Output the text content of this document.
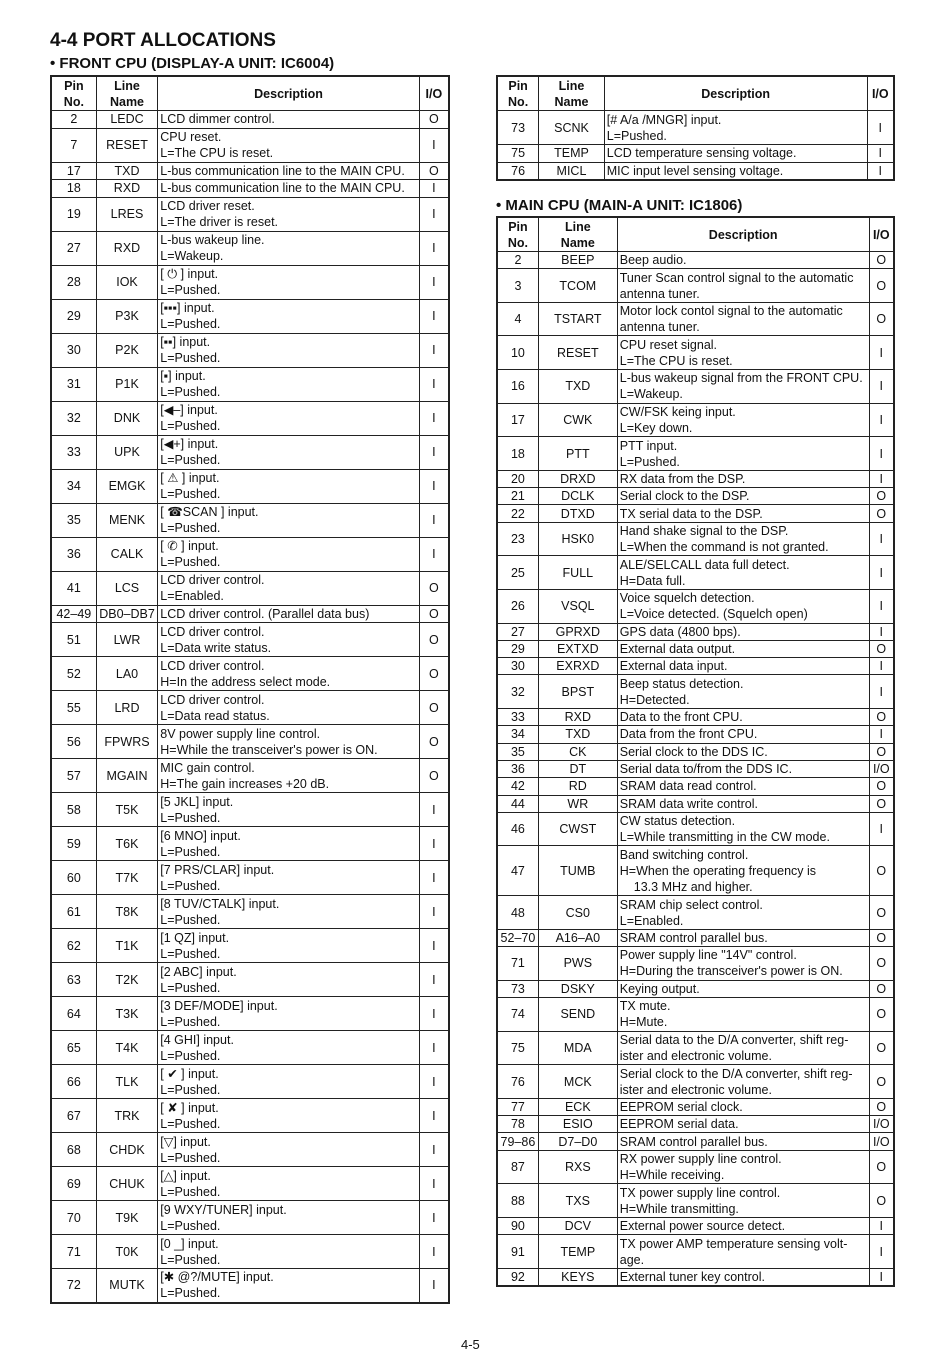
4-4 PORT ALLOCATIONS
• FRONT CPU (DISPLAY-A UNIT: IC6004)
Pin
No.	Line
Name	Description	I/O
2	LEDC	LCD dimmer control.	O
7	RESET	CPU reset.
L=The CPU is reset.	I
17	TXD	L-bus communication line to the MAIN CPU.	O
18	RXD	L-bus communication line to the MAIN CPU.	I
19	LRES	LCD driver reset.
L=The driver is reset.	I
27	RXD	L-bus wakeup line.
L=Wakeup.	I
28	IOK	[ ⏻ ] input.
L=Pushed.	I
29	P3K	[▪▪▪] input.
L=Pushed.	I
30	P2K	[▪▪] input.
L=Pushed.	I
31	P1K	[▪] input.
L=Pushed.	I
32	DNK	[◀–] input.
L=Pushed.	I
33	UPK	[◀+] input.
L=Pushed.	I
34	EMGK	[ ⚠ ] input.
L=Pushed.	I
35	MENK	[ ☎SCAN ] input.
L=Pushed.	I
36	CALK	[ ✆ ] input.
L=Pushed.	I
41	LCS	LCD driver control.
L=Enabled.	O
42–49	DB0–DB7	LCD driver control. (Parallel data bus)	O
51	LWR	LCD driver control.
L=Data write status.	O
52	LA0	LCD driver control.
H=In the address select mode.	O
55	LRD	LCD driver control.
L=Data read status.	O
56	FPWRS	8V power supply line control.
H=While the transceiver's power is ON.	O
57	MGAIN	MIC gain control.
H=The gain increases +20 dB.	O
58	T5K	[5 JKL] input.
L=Pushed.	I
59	T6K	[6 MNO] input.
L=Pushed.	I
60	T7K	[7 PRS/CLAR] input.
L=Pushed.	I
61	T8K	[8 TUV/CTALK] input.
L=Pushed.	I
62	T1K	[1 QZ] input.
L=Pushed.	I
63	T2K	[2 ABC] input.
L=Pushed.	I
64	T3K	[3 DEF/MODE] input.
L=Pushed.	I
65	T4K	[4 GHI] input.
L=Pushed.	I
66	TLK	[ ✔ ] input.
L=Pushed.	I
67	TRK	[ ✘ ] input.
L=Pushed.	I
68	CHDK	[▽] input.
L=Pushed.	I
69	CHUK	[△] input.
L=Pushed.	I
70	T9K	[9 WXY/TUNER] input.
L=Pushed.	I
71	T0K	[0 _] input.
L=Pushed.	I
72	MUTK	[✱ @?/MUTE] input.
L=Pushed.	I
Pin
No.	Line
Name	Description	I/O
73	SCNK	[# A/a /MNGR] input.
L=Pushed.	I
75	TEMP	LCD temperature sensing voltage.	I
76	MICL	MIC input level sensing voltage.	I
• MAIN CPU (MAIN-A UNIT: IC1806)
Pin
No.	Line
Name	Description	I/O
2	BEEP	Beep audio.	O
3	TCOM	Tuner Scan control signal to the automatic
antenna tuner.	O
4	TSTART	Motor lock contol signal to the automatic
antenna tuner.	O
10	RESET	CPU reset signal.
L=The CPU is reset.	I
16	TXD	L-bus wakeup signal from the FRONT CPU.
L=Wakeup.	I
17	CWK	CW/FSK keing input.
L=Key down.	I
18	PTT	PTT input.
L=Pushed.	I
20	DRXD	RX data from the DSP.	I
21	DCLK	Serial clock to the DSP.	O
22	DTXD	TX serial data to the DSP.	O
23	HSK0	Hand shake signal to the DSP.
L=When the command is not granted.	I
25	FULL	ALE/SELCALL data full detect.
H=Data full.	I
26	VSQL	Voice squelch detection.
L=Voice detected. (Squelch open)	I
27	GPRXD	GPS data (4800 bps).	I
29	EXTXD	External data output.	O
30	EXRXD	External data input.	I
32	BPST	Beep status detection.
H=Detected.	I
33	RXD	Data to the front CPU.	O
34	TXD	Data from the front CPU.	I
35	CK	Serial clock to the DDS IC.	O
36	DT	Serial data to/from the DDS IC.	I/O
42	RD	SRAM data read control.	O
44	WR	SRAM data write control.	O
46	CWST	CW status detection.
L=While transmitting in the CW mode.	I
47	TUMB	Band switching control.
H=When the operating frequency is
13.3 MHz and higher.	O
48	CS0	SRAM chip select control.
L=Enabled.	O
52–70	A16–A0	SRAM control parallel bus.	O
71	PWS	Power supply line "14V" control.
H=During the transceiver's power is ON.	O
73	DSKY	Keying output.	O
74	SEND	TX mute.
H=Mute.	O
75	MDA	Serial data to the D/A converter, shift reg-
ister and electronic volume.	O
76	MCK	Serial clock to the D/A converter, shift reg-
ister and electronic volume.	O
77	ECK	EEPROM serial clock.	O
78	ESIO	EEPROM serial data.	I/O
79–86	D7–D0	SRAM control parallel bus.	I/O
87	RXS	RX power supply line control.
H=While receiving.	O
88	TXS	TX power supply line control.
H=While transmitting.	O
90	DCV	External power source detect.	I
91	TEMP	TX power AMP temperature sensing volt-
age.	I
92	KEYS	External tuner key control.	I
4-5
